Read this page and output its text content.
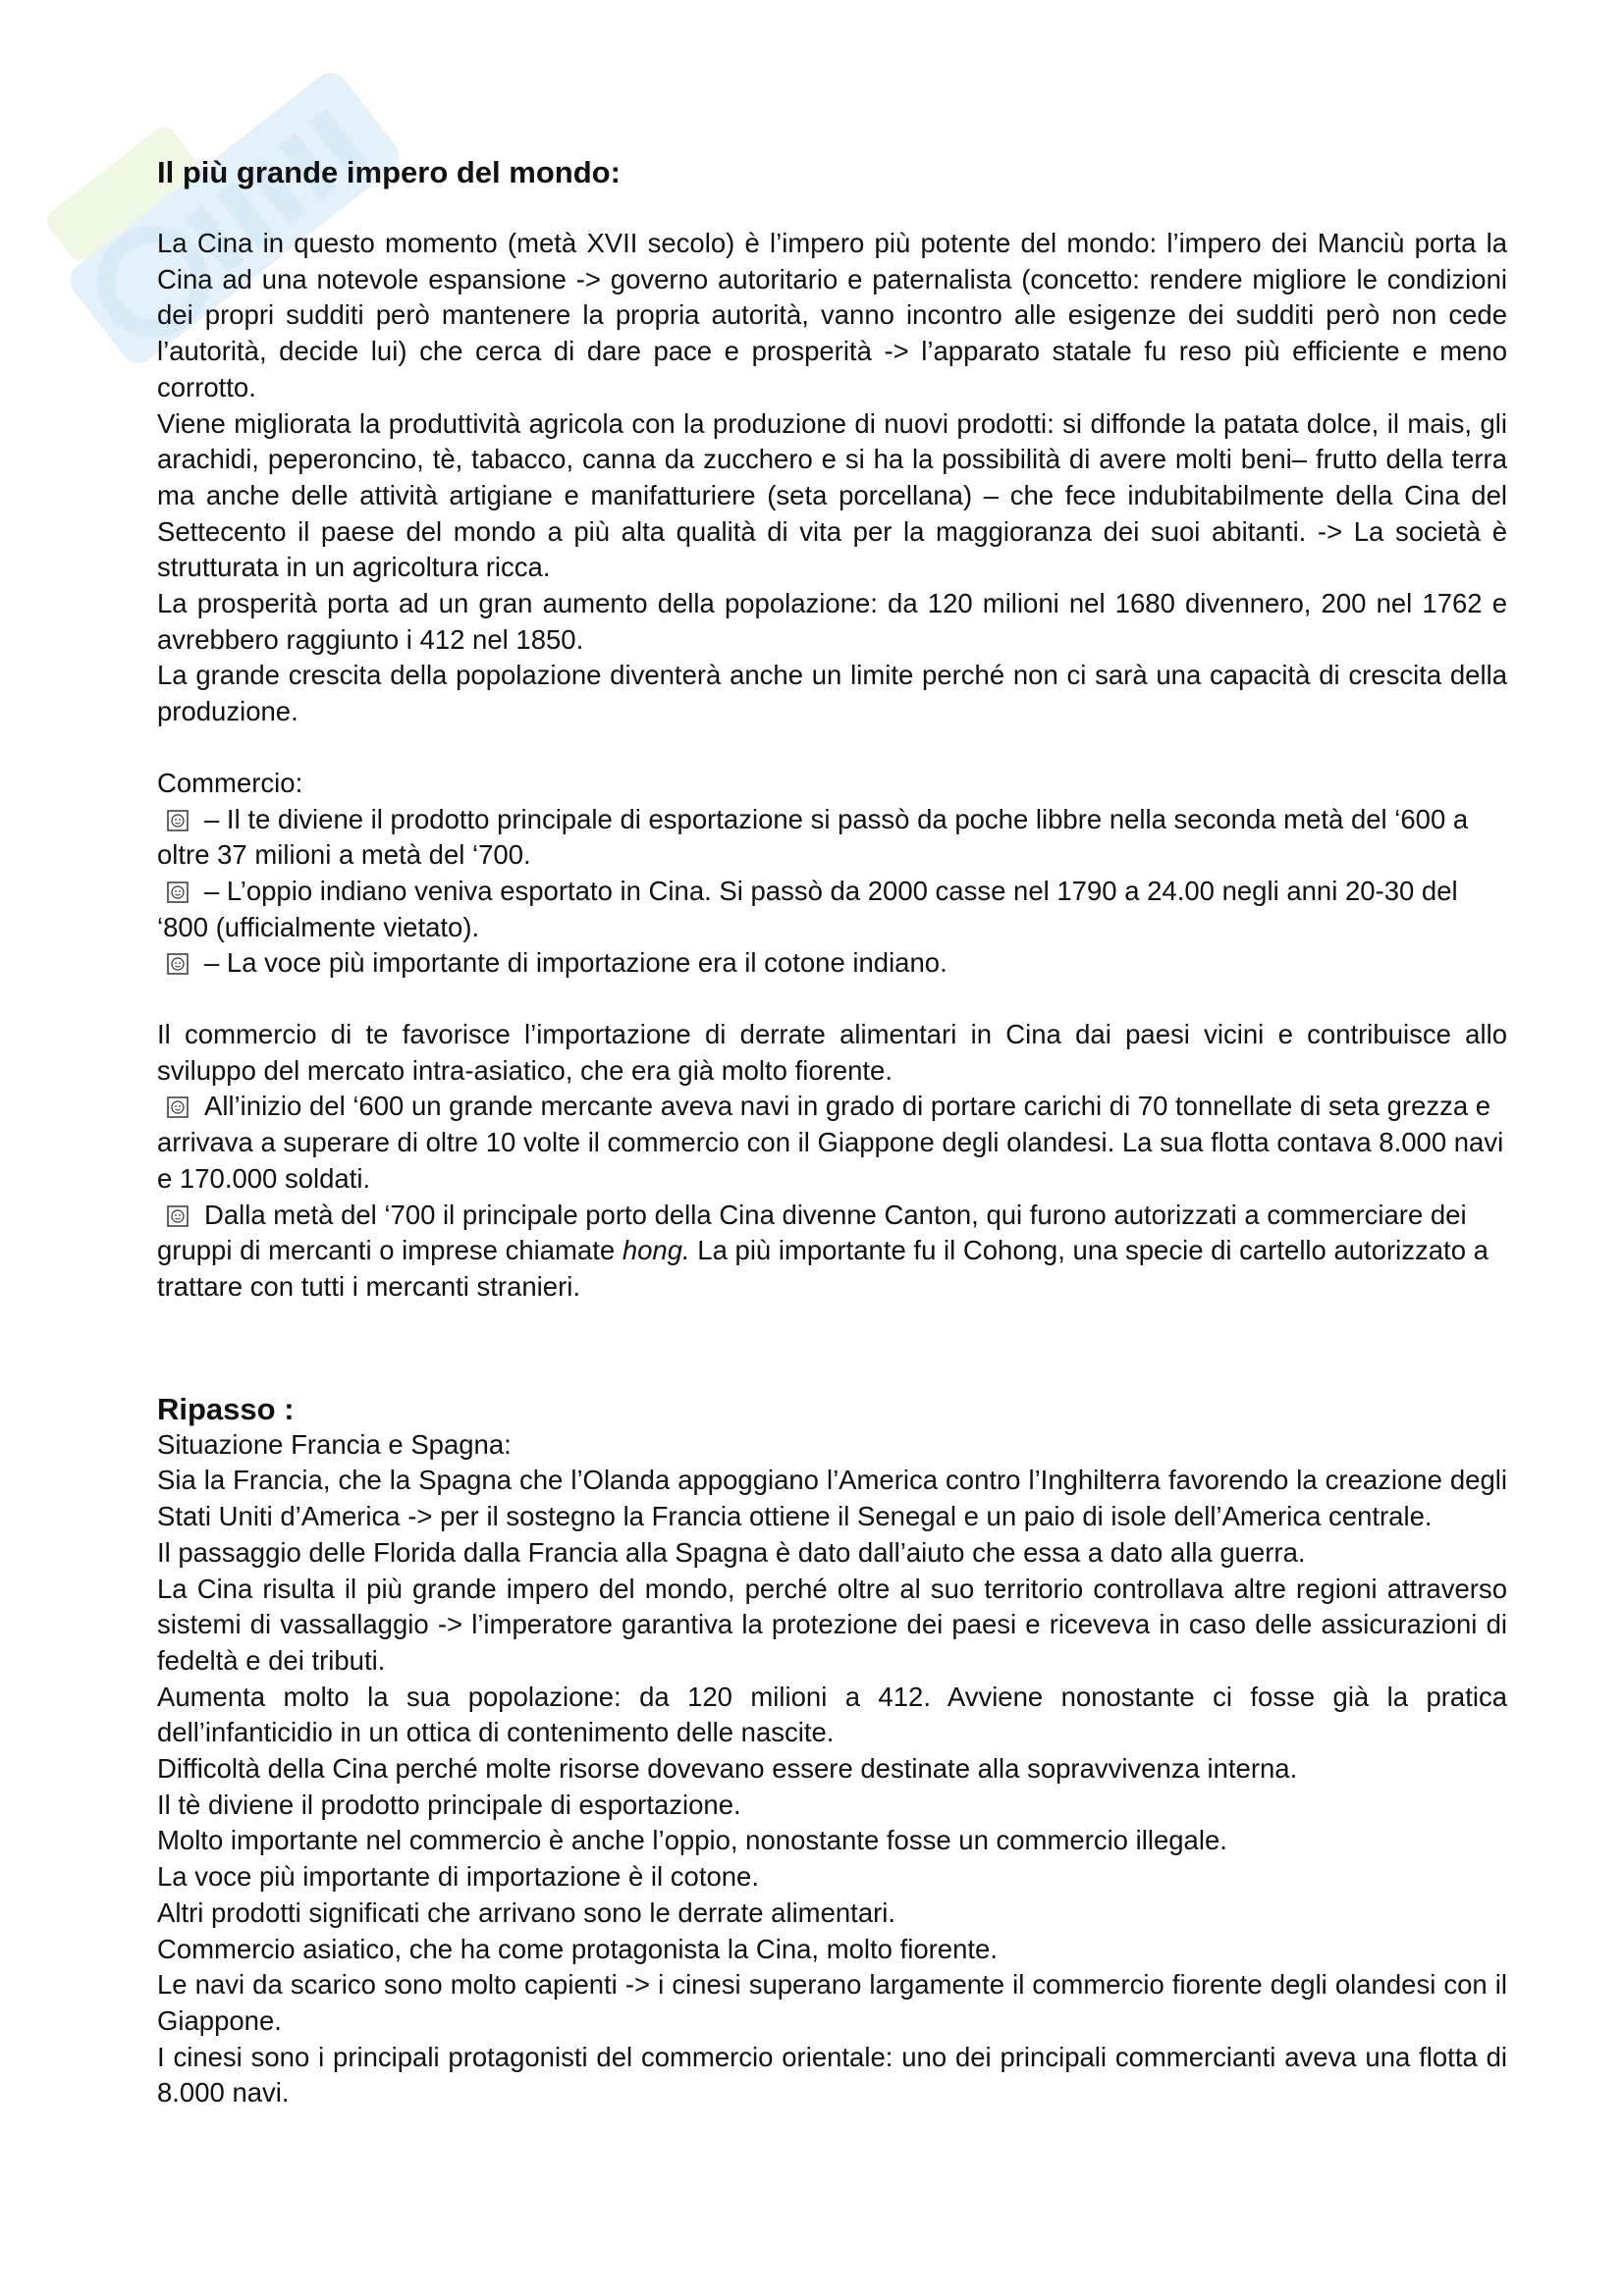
Il più grande impero del mondo:

La Cina in questo momento (metà XVII secolo) è l’impero più potente del mondo: l’impero dei Manciù porta la Cina ad una notevole espansione -> governo autoritario e paternalista (concetto: rendere migliore le condizioni dei propri sudditi però mantenere la propria autorità, vanno incontro alle esigenze dei sudditi però non cede l’autorità, decide lui) che cerca di dare pace e prosperità -> l’apparato statale fu reso più efficiente e meno corrotto.

Viene migliorata la produttività agricola con la produzione di nuovi prodotti: si diffonde la patata dolce, il mais, gli arachidi, peperoncino, tè, tabacco, canna da zucchero e si ha la possibilità di avere molti beni– frutto della terra ma anche delle attività artigiane e manifatturiere (seta porcellana) – che fece indubitabilmente della Cina del Settecento il paese del mondo a più alta qualità di vita per la maggioranza dei suoi abitanti. -> La società è strutturata in un agricoltura ricca.

La prosperità porta ad un gran aumento della popolazione: da 120 milioni nel 1680 divennero, 200 nel 1762 e avrebbero raggiunto i 412 nel 1850.

La grande crescita della popolazione diventerà anche un limite perché non ci sarà una capacità di crescita della produzione.

Commercio:

– Il te diviene il prodotto principale di esportazione si passò da poche libbre nella seconda metà del ‘600 a oltre 37 milioni a metà del ‘700.

– L’oppio indiano veniva esportato in Cina. Si passò da 2000 casse nel 1790 a 24.00 negli anni 20-30 del ‘800 (ufficialmente vietato).

– La voce più importante di importazione era il cotone indiano.

Il commercio di te favorisce l’importazione di derrate alimentari in Cina dai paesi vicini e contribuisce allo sviluppo del mercato intra-asiatico, che era già molto fiorente.

All’inizio del ‘600 un grande mercante aveva navi in grado di portare carichi di 70 tonnellate di seta grezza e arrivava a superare di oltre 10 volte il commercio con il Giappone degli olandesi. La sua flotta contava 8.000 navi e 170.000 soldati.

Dalla metà del ‘700 il principale porto della Cina divenne Canton, qui furono autorizzati a commerciare dei gruppi di mercanti o imprese chiamate hong. La più importante fu il Cohong, una specie di cartello autorizzato a trattare con tutti i mercanti stranieri.

Ripasso :

Situazione Francia e Spagna:

Sia la Francia, che la Spagna che l’Olanda appoggiano l’America contro l’Inghilterra favorendo la creazione degli Stati Uniti d’America -> per il sostegno la Francia ottiene il Senegal e un paio di isole dell’America centrale.

Il passaggio delle Florida dalla Francia alla Spagna è dato dall’aiuto che essa a dato alla guerra.

La Cina risulta il più grande impero del mondo, perché oltre al suo territorio controllava altre regioni attraverso sistemi di vassallaggio -> l’imperatore garantiva la protezione dei paesi e riceveva in caso delle assicurazioni di fedeltà e dei tributi.

Aumenta molto la sua popolazione: da 120 milioni a 412. Avviene nonostante ci fosse già la pratica dell’infanticidio in un ottica di contenimento delle nascite.

Difficoltà della Cina perché molte risorse dovevano essere destinate alla sopravvivenza interna.

Il tè diviene il prodotto principale di esportazione.

Molto importante nel commercio è anche l’oppio, nonostante fosse un commercio illegale.

La voce più importante di importazione è il cotone.

Altri prodotti significati che arrivano sono le derrate alimentari.

Commercio asiatico, che ha come protagonista la Cina, molto fiorente.

Le navi da scarico sono molto capienti -> i cinesi superano largamente il commercio fiorente degli olandesi con il Giappone.

I cinesi sono i principali protagonisti del commercio orientale: uno dei principali commercianti aveva una flotta di 8.000 navi.
